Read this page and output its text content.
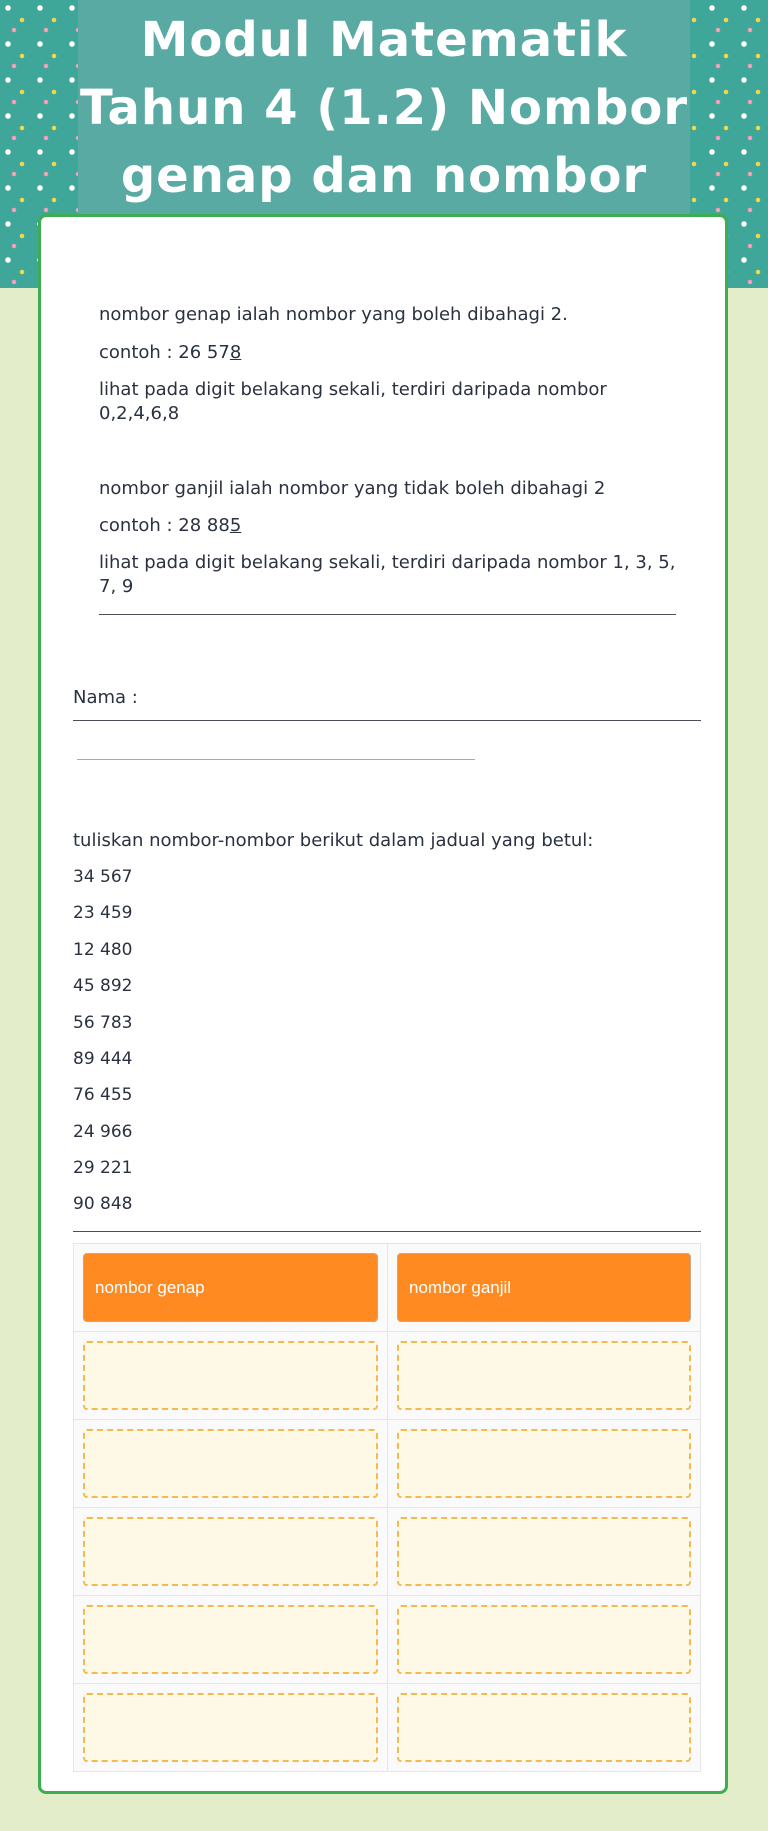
Modul Matematik Tahun 4 (1.2) Nombor genap dan nombor

nombor genap ialah nombor yang boleh dibahagi 2.

contoh : 26 578

lihat pada digit belakang sekali, terdiri daripada nombor 0,2,4,6,8

nombor ganjil ialah nombor yang tidak boleh dibahagi 2

contoh : 28 885

lihat pada digit belakang sekali, terdiri daripada nombor 1, 3, 5, 7, 9

Nama :

tuliskan nombor-nombor berikut dalam jadual yang betul:

34 567

23 459

12 480

45 892

56 783

89 444

76 455

24 966

29 221

90 848

nombor genap	nombor ganjil
